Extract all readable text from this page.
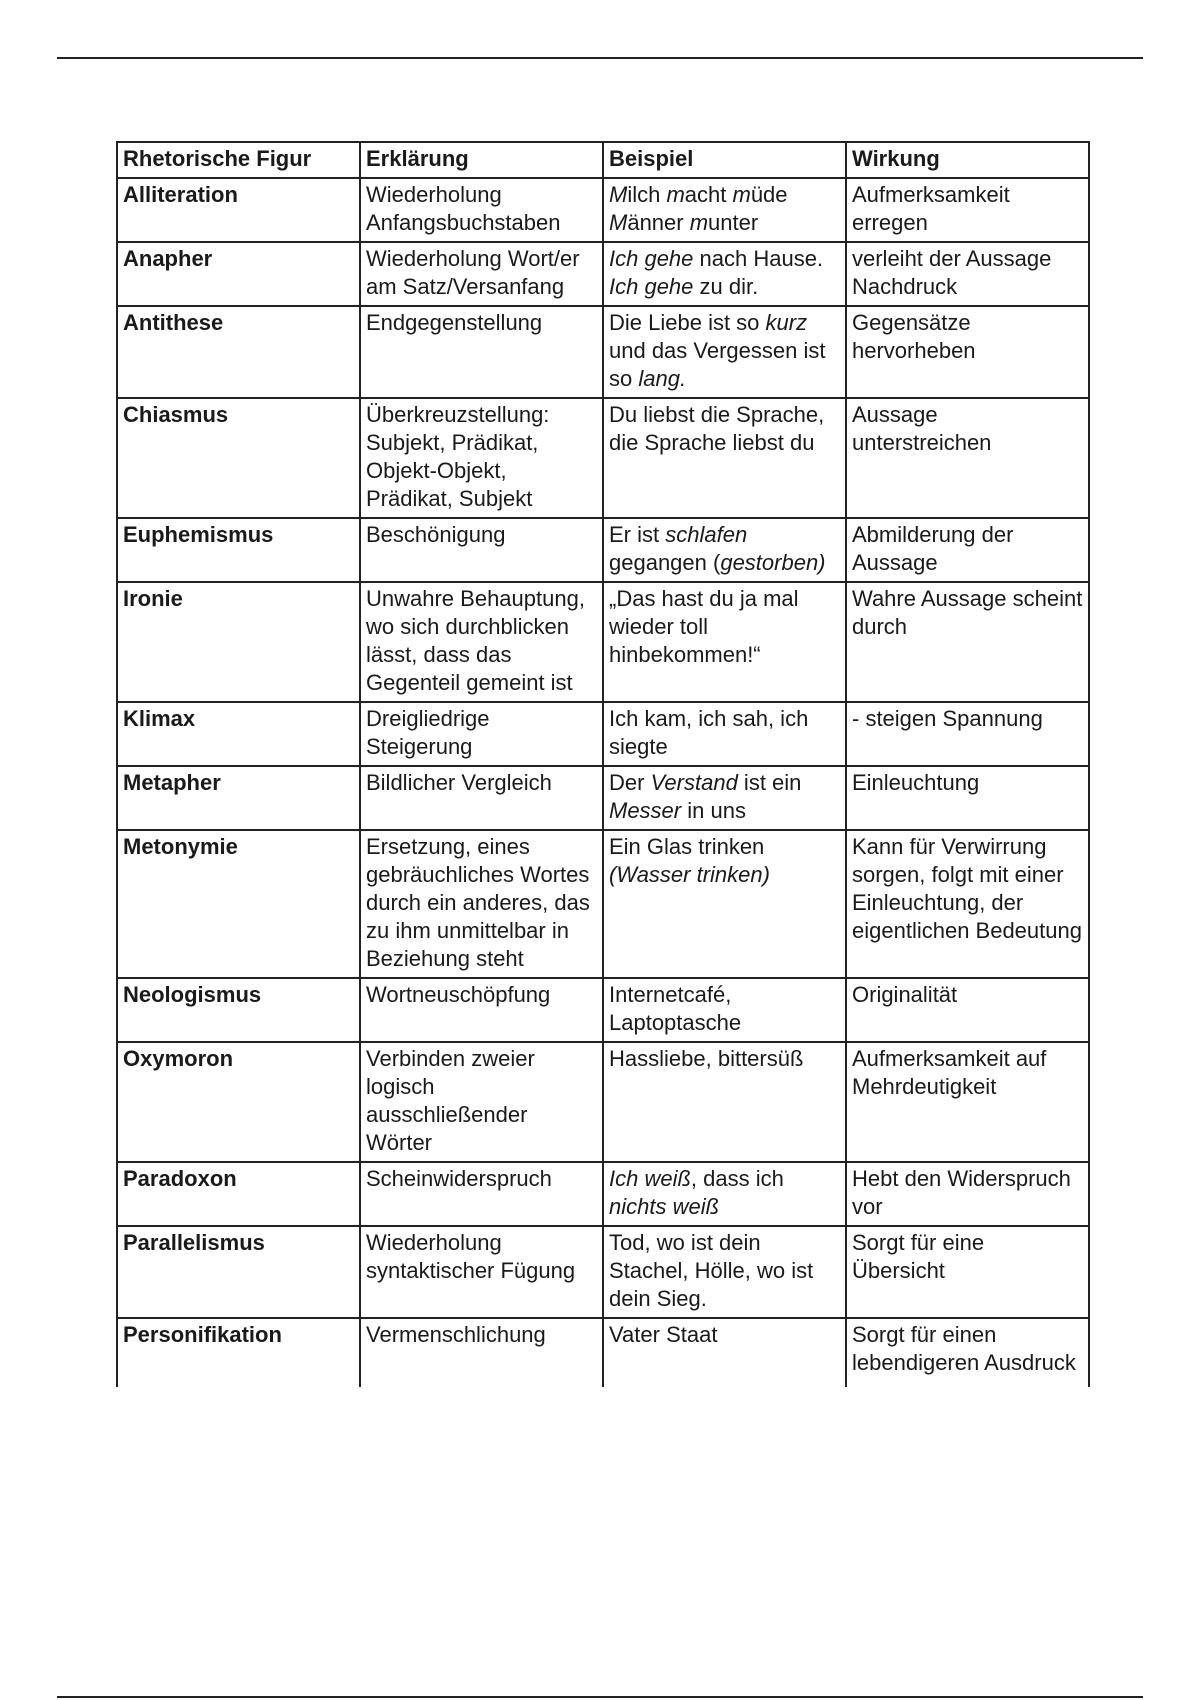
Rhetorische Figur	Erklärung	Beispiel	Wirkung
Alliteration	Wiederholung Anfangsbuchstaben	Milch macht müde Männer munter	Aufmerksamkeit erregen
Anapher	Wiederholung Wort/er am Satz/Versanfang	Ich gehe nach Hause. Ich gehe zu dir.	verleiht der Aussage Nachdruck
Antithese	Endgegenstellung	Die Liebe ist so kurz und das Vergessen ist so lang.	Gegensätze hervorheben
Chiasmus	Überkreuzstellung: Subjekt, Prädikat, Objekt-Objekt, Prädikat, Subjekt	Du liebst die Sprache, die Sprache liebst du	Aussage unterstreichen
Euphemismus	Beschönigung	Er ist schlafen gegangen (gestorben)	Abmilderung der Aussage
Ironie	Unwahre Behauptung, wo sich durchblicken lässt, dass das Gegenteil gemeint ist	„Das hast du ja mal wieder toll hinbekommen!“	Wahre Aussage scheint durch
Klimax	Dreigliedrige Steigerung	Ich kam, ich sah, ich siegte	- steigen Spannung
Metapher	Bildlicher Vergleich	Der Verstand ist ein Messer in uns	Einleuchtung
Metonymie	Ersetzung, eines gebräuchliches Wortes durch ein anderes, das zu ihm unmittelbar in Beziehung steht	Ein Glas trinken (Wasser trinken)	Kann für Verwirrung sorgen, folgt mit einer Einleuchtung, der eigentlichen Bedeutung
Neologismus	Wortneuschöpfung	Internetcafé, Laptoptasche	Originalität
Oxymoron	Verbinden zweier logisch ausschließender Wörter	Hassliebe, bittersüß	Aufmerksamkeit auf Mehrdeutigkeit
Paradoxon	Scheinwiderspruch	Ich weiß, dass ich nichts weiß	Hebt den Widerspruch vor
Parallelismus	Wiederholung syntaktischer Fügung	Tod, wo ist dein Stachel, Hölle, wo ist dein Sieg.	Sorgt für eine Übersicht
Personifikation	Vermenschlichung	Vater Staat	Sorgt für einen lebendigeren Ausdruck
